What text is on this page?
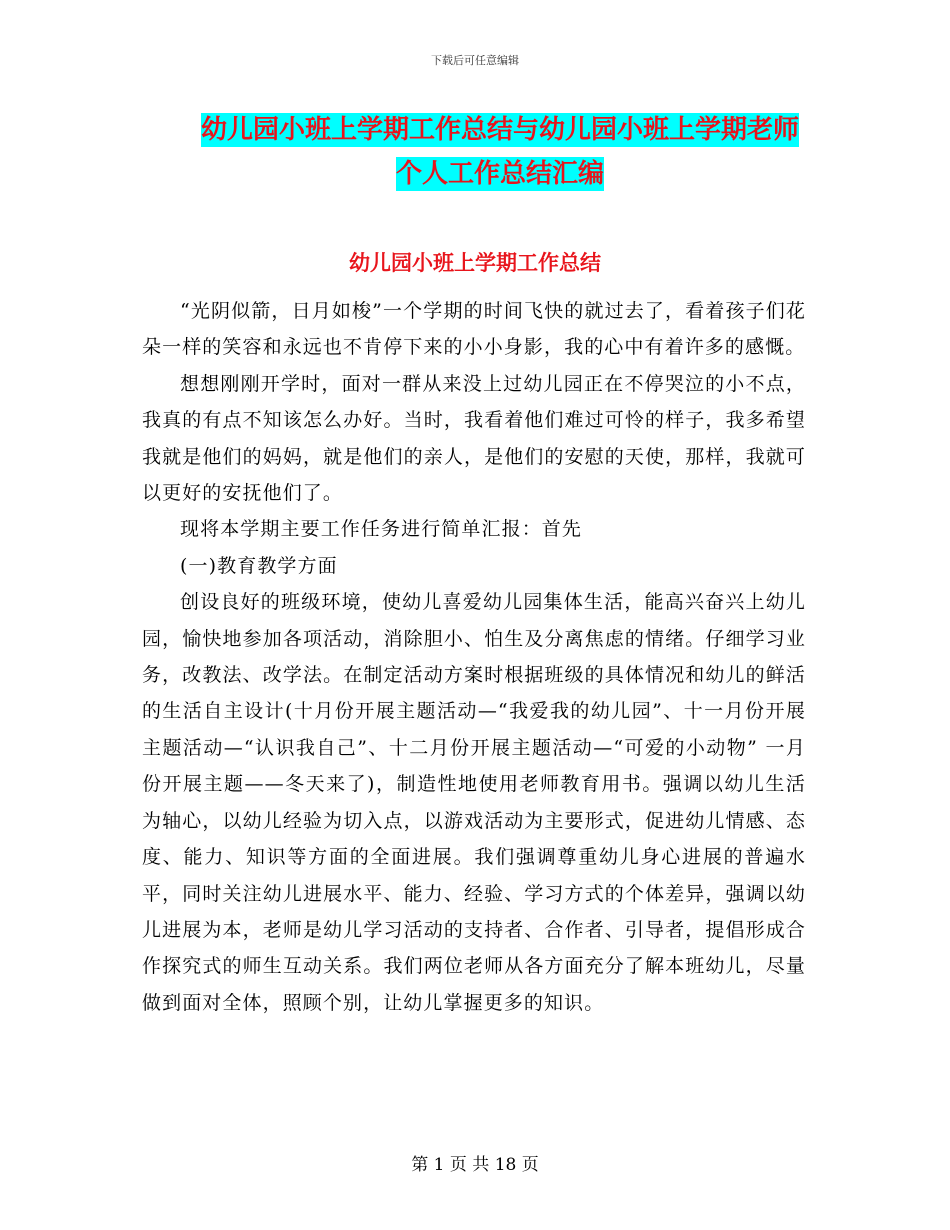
下载后可任意编辑
幼儿园小班上学期工作总结与幼儿园小班上学期老师
个人工作总结汇编
幼儿园小班上学期工作总结

“光阴似箭，日月如梭”一个学期的时间飞快的就过去了，看着孩子们花朵一样的笑容和永远也不肯停下来的小小身影，我的心中有着许多的感慨。

想想刚刚开学时，面对一群从来没上过幼儿园正在不停哭泣的小不点，我真的有点不知该怎么办好。当时，我看着他们难过可怜的样子，我多希望我就是他们的妈妈，就是他们的亲人，是他们的安慰的天使，那样，我就可以更好的安抚他们了。

现将本学期主要工作任务进行简单汇报：首先

(一)教育教学方面

创设良好的班级环境，使幼儿喜爱幼儿园集体生活，能高兴奋兴上幼儿园，愉快地参加各项活动，消除胆小、怕生及分离焦虑的情绪。仔细学习业务，改教法、改学法。在制定活动方案时根据班级的具体情况和幼儿的鲜活的生活自主设计(十月份开展主题活动—“我爱我的幼儿园”、十一月份开展主题活动—“认识我自己”、十二月份开展主题活动—“可爱的小动物” 一月份开展主题——冬天来了)，制造性地使用老师教育用书。强调以幼儿生活为轴心，以幼儿经验为切入点，以游戏活动为主要形式，促进幼儿情感、态度、能力、知识等方面的全面进展。我们强调尊重幼儿身心进展的普遍水平，同时关注幼儿进展水平、能力、经验、学习方式的个体差异，强调以幼儿进展为本，老师是幼儿学习活动的支持者、合作者、引导者，提倡形成合作探究式的师生互动关系。我们两位老师从各方面充分了解本班幼儿，尽量做到面对全体，照顾个别，让幼儿掌握更多的知识。

第 1 页 共 18 页
